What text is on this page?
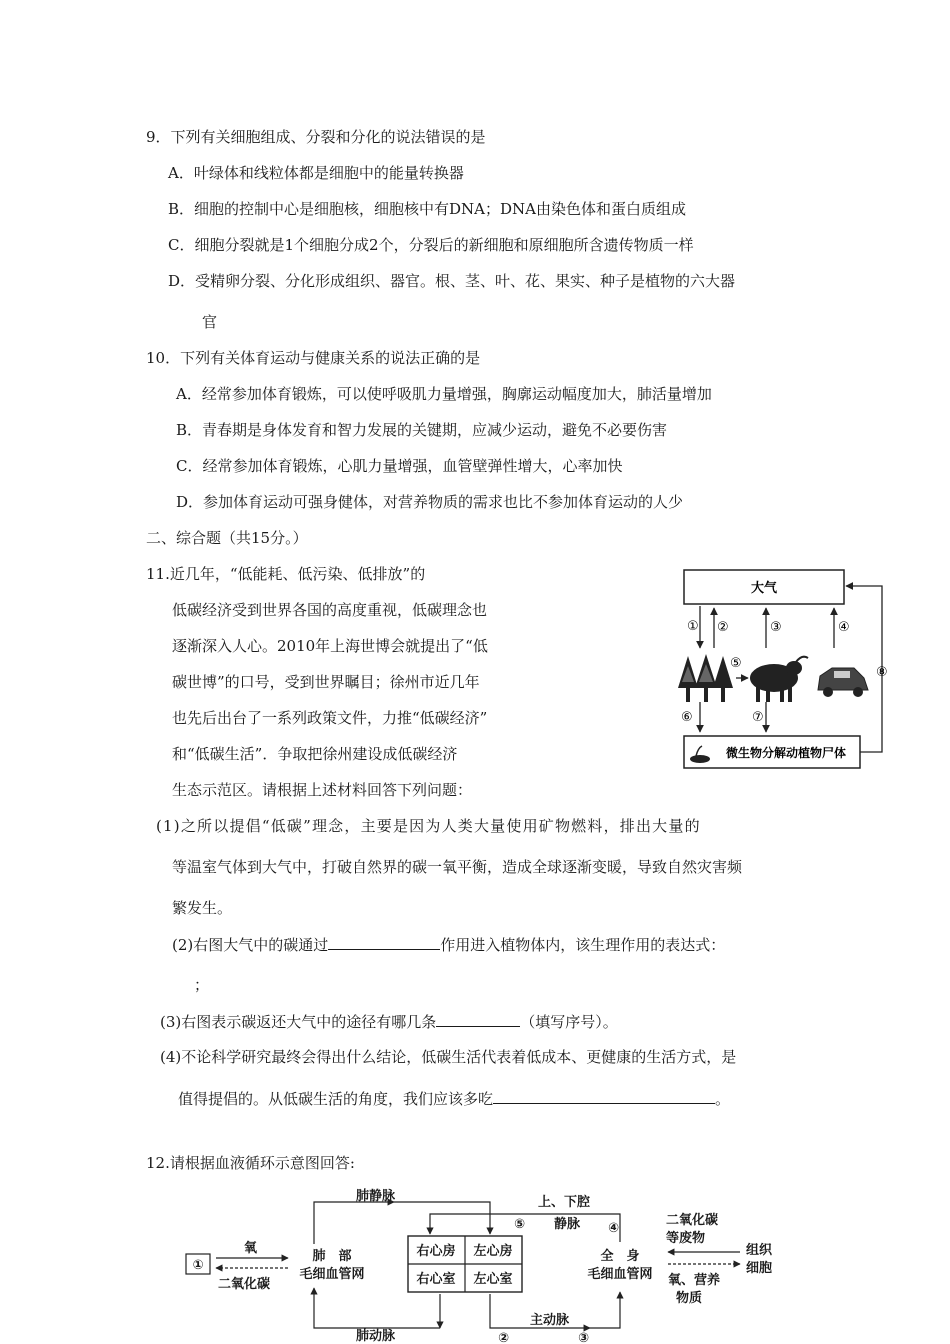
9．下列有关细胞组成、分裂和分化的说法错误的是
A．叶绿体和线粒体都是细胞中的能量转换器
B．细胞的控制中心是细胞核，细胞核中有DNA；DNA由染色体和蛋白质组成
C．细胞分裂就是1个细胞分成2个，分裂后的新细胞和原细胞所含遗传物质一样
D．受精卵分裂、分化形成组织、器官。根、茎、叶、花、果实、种子是植物的六大器
官
10．下列有关体育运动与健康关系的说法正确的是
A．经常参加体育锻炼，可以使呼吸肌力量增强，胸廓运动幅度加大，肺活量增加
B．青春期是身体发育和智力发展的关键期，应减少运动，避免不必要伤害
C．经常参加体育锻炼，心肌力量增强，血管壁弹性增大，心率加快
D．参加体育运动可强身健体，对营养物质的需求也比不参加体育运动的人少
二、综合题（共15分。）
11.近几年，“低能耗、低污染、低排放”的
低碳经济受到世界各国的高度重视，低碳理念也
逐渐深入人心。2010年上海世博会就提出了“低
碳世博”的口号，受到世界瞩目；徐州市近几年
也先后出台了一系列政策文件，力推“低碳经济”
和“低碳生活”．争取把徐州建设成低碳经济
生态示范区。请根据上述材料回答下列问题：
(1)之所以提倡“低碳”理念，主要是因为人类大量使用矿物燃料，排出大量的
等温室气体到大气中，打破自然界的碳一氧平衡，造成全球逐渐变暖，导致自然灾害频
繁发生。
(2)右图大气中的碳通过	作用进入植物体内，该生理作用的表达式：
；
(3)右图表示碳返还大气中的途径有哪几条	（填写序号）。
(4)不论科学研究最终会得出什么结论，低碳生活代表着低成本、更健康的生活方式，是
值得提倡的。从低碳生活的角度，我们应该多吃	。
大气
① ②	③	④
⑤
⑥	⑦
微生物分解动植物尸体
⑧
12.请根据血液循环示意图回答:
①
氧
二氧化碳
肺　部
毛细血管网
肺静脉
肺动脉
右心房 左心房
右心室 左心室
主动脉
②	③
上、下腔
静脉
⑤	④
全　身
毛细血管网
二氧化碳
等废物
氧、营养
物质
组织
细胞
